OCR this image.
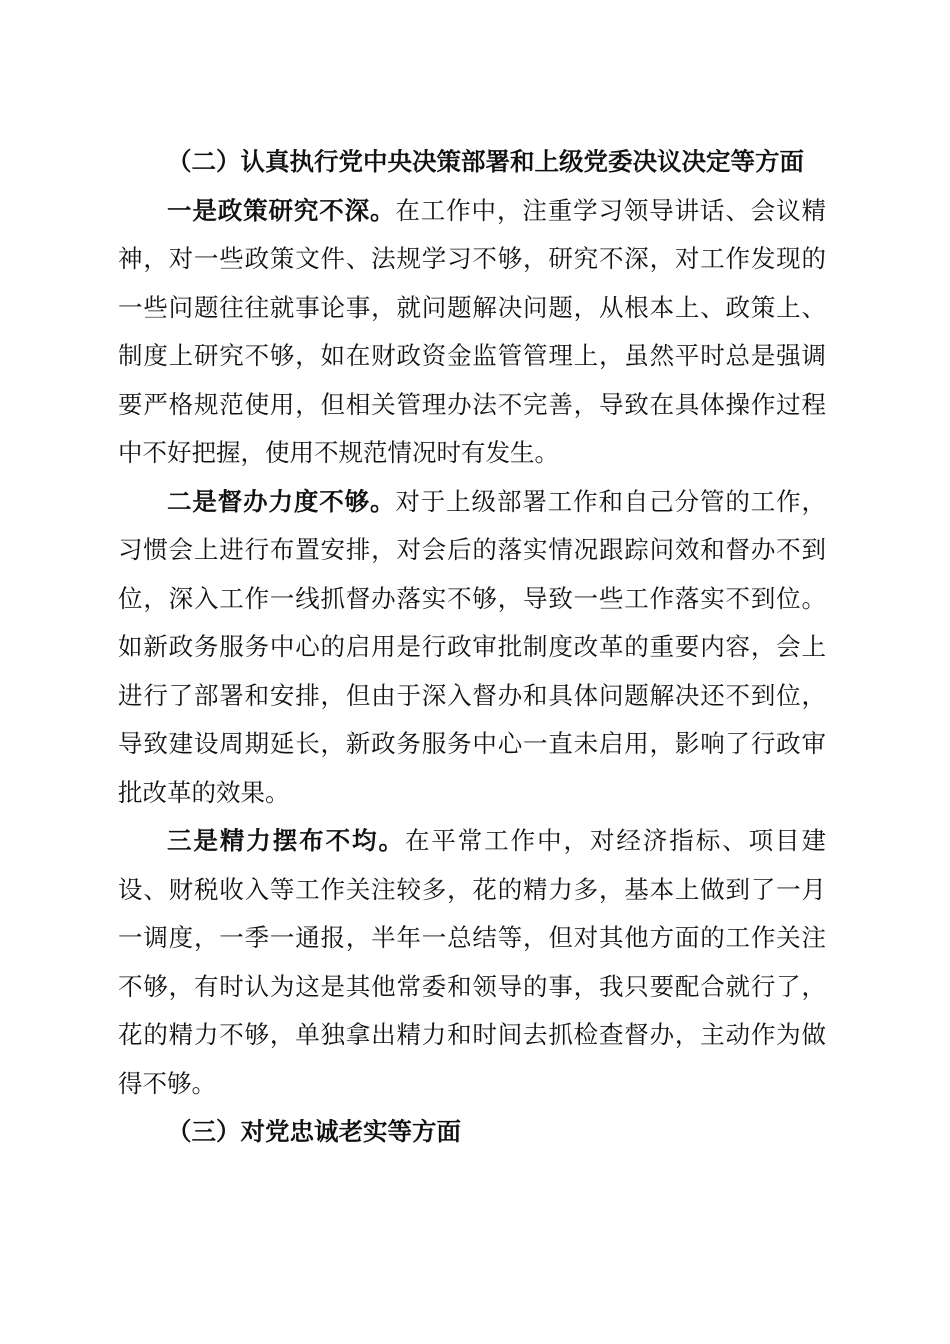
（二）认真执行党中央决策部署和上级党委决议决定等方面

一是政策研究不深。在工作中，注重学习领导讲话、会议精神，对一些政策文件、法规学习不够，研究不深，对工作发现的一些问题往往就事论事，就问题解决问题，从根本上、政策上、制度上研究不够，如在财政资金监管管理上，虽然平时总是强调要严格规范使用，但相关管理办法不完善，导致在具体操作过程中不好把握，使用不规范情况时有发生。

二是督办力度不够。对于上级部署工作和自己分管的工作，习惯会上进行布置安排，对会后的落实情况跟踪问效和督办不到位，深入工作一线抓督办落实不够，导致一些工作落实不到位。如新政务服务中心的启用是行政审批制度改革的重要内容，会上进行了部署和安排，但由于深入督办和具体问题解决还不到位，导致建设周期延长，新政务服务中心一直未启用，影响了行政审批改革的效果。

三是精力摆布不均。在平常工作中，对经济指标、项目建设、财税收入等工作关注较多，花的精力多，基本上做到了一月一调度，一季一通报，半年一总结等，但对其他方面的工作关注不够，有时认为这是其他常委和领导的事，我只要配合就行了，花的精力不够，单独拿出精力和时间去抓检查督办，主动作为做得不够。

（三）对党忠诚老实等方面
